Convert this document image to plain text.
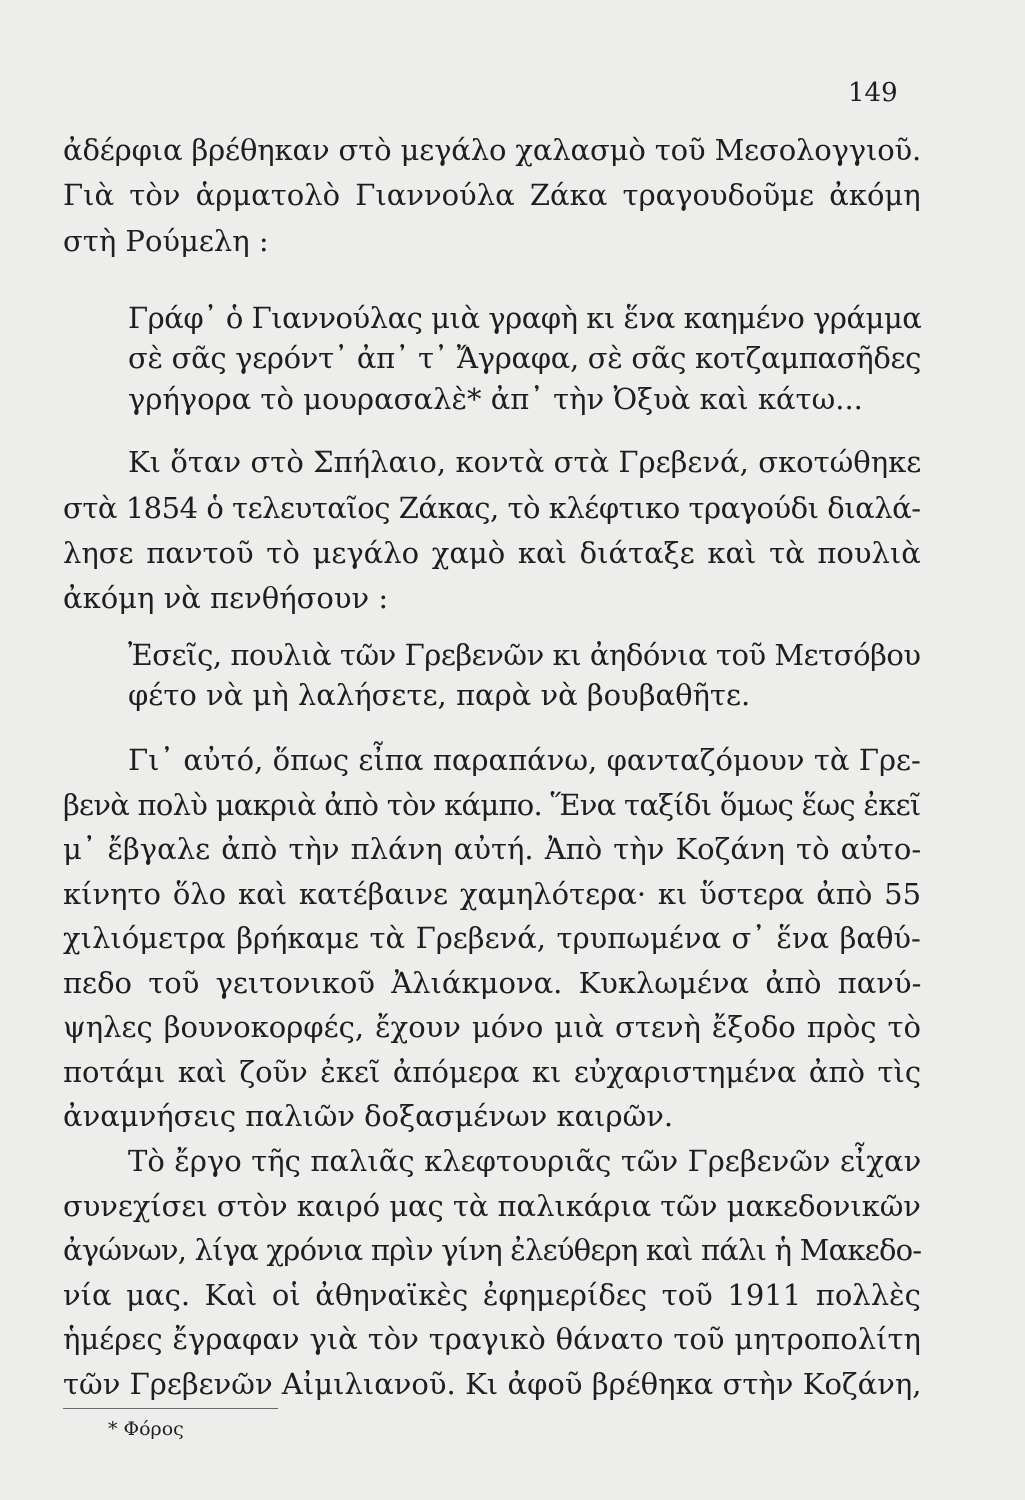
149

ἀδέρφια βρέθηκαν στὸ μεγάλο χαλασμὸ τοῦ Μεσολογγιοῦ.

Γιὰ τὸν ἁρματολὸ Γιαννούλα Ζάκα τραγουδοῦμε ἀκόμη

στὴ Ρούμελη :

Γράφ᾿ ὁ Γιαννούλας μιὰ γραφὴ κι ἕνα καημένο γράμμα

σὲ σᾶς γερόντ᾿ ἀπ᾿ τ᾿ Ἄγραφα, σὲ σᾶς κοτζαμπασῆδες

γρήγορα τὸ μουρασαλὲ* ἀπ᾿ τὴν Ὀξυὰ καὶ κάτω...

Κι ὅταν στὸ Σπήλαιο, κοντὰ στὰ Γρεβενά, σκοτώθηκε

στὰ 1854 ὁ τελευταῖος Ζάκας, τὸ κλέφτικο τραγούδι διαλά-

λησε παντοῦ τὸ μεγάλο χαμὸ καὶ διάταξε καὶ τὰ πουλιὰ

ἀκόμη νὰ πενθήσουν :

Ἐσεῖς, πουλιὰ τῶν Γρεβενῶν κι ἀηδόνια τοῦ Μετσόβου

φέτο νὰ μὴ λαλήσετε, παρὰ νὰ βουβαθῆτε.

Γι᾿ αὐτό, ὅπως εἶπα παραπάνω, φανταζόμουν τὰ Γρε-

βενὰ πολὺ μακριὰ ἀπὸ τὸν κάμπο. Ἕνα ταξίδι ὅμως ἕως ἐκεῖ

μ᾿ ἔβγαλε ἀπὸ τὴν πλάνη αὐτή. Ἀπὸ τὴν Κοζάνη τὸ αὐτο-

κίνητο ὅλο καὶ κατέβαινε χαμηλότερα· κι ὕστερα ἀπὸ 55

χιλιόμετρα βρήκαμε τὰ Γρεβενά, τρυπωμένα σ᾿ ἕνα βαθύ-

πεδο τοῦ γειτονικοῦ Ἀλιάκμονα. Κυκλωμένα ἀπὸ πανύ-

ψηλες βουνοκορφές, ἔχουν μόνο μιὰ στενὴ ἔξοδο πρὸς τὸ

ποτάμι καὶ ζοῦν ἐκεῖ ἀπόμερα κι εὐχαριστημένα ἀπὸ τὶς

ἀναμνήσεις παλιῶν δοξασμένων καιρῶν.

Τὸ ἔργο τῆς παλιᾶς κλεφτουριᾶς τῶν Γρεβενῶν εἶχαν

συνεχίσει στὸν καιρό μας τὰ παλικάρια τῶν μακεδονικῶν

ἀγώνων, λίγα χρόνια πρὶν γίνη ἐλεύθερη καὶ πάλι ἡ Μακεδο-

νία μας. Καὶ οἱ ἀθηναϊκὲς ἐφημερίδες τοῦ 1911 πολλὲς

ἡμέρες ἔγραφαν γιὰ τὸν τραγικὸ θάνατο τοῦ μητροπολίτη

τῶν Γρεβενῶν Αἰμιλιανοῦ. Κι ἀφοῦ βρέθηκα στὴν Κοζάνη,

* Φόρος
